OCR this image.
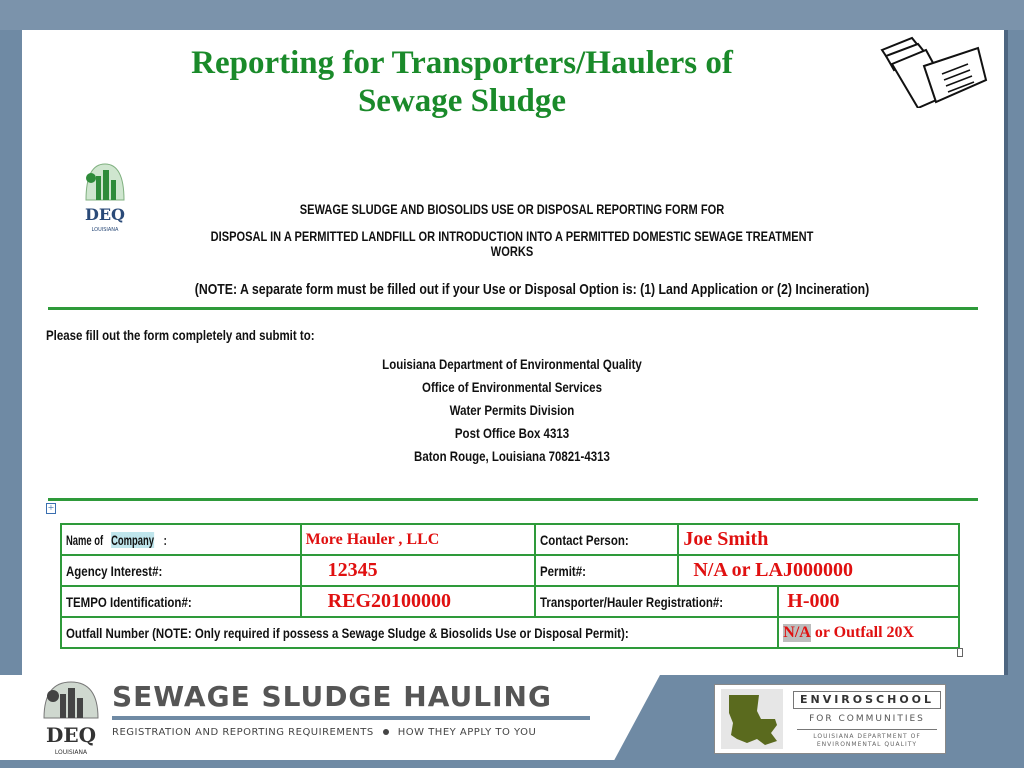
Reporting for Transporters/Haulers of
Sewage Sludge
DEQ
LOUISIANA
SEWAGE SLUDGE AND BIOSOLIDS USE OR DISPOSAL REPORTING FORM FOR
DISPOSAL IN A PERMITTED LANDFILL OR INTRODUCTION INTO A PERMITTED DOMESTIC SEWAGE TREATMENT WORKS
(NOTE: A separate form must be filled out if your Use or Disposal Option is: (1) Land Application or (2) Incineration)
Please fill out the form completely and submit to:
Louisiana Department of Environmental Quality
Office of Environmental Services
Water Permits Division
Post Office Box 4313
Baton Rouge, Louisiana 70821-4313
+
Name ofCompany :	More Hauler , LLC	Contact Person:	Joe Smith	
Agency Interest#:	12345	Permit#:	N/A or LAJ000000	
TEMPO Identification#:	REG20100000	Transporter/Hauler Registration#:		H-000
Outfall Number (NOTE: Only required if possess a Sewage Sludge & Biosolids Use or Disposal Permit):				N/A or Outfall 20X
DEQ
LOUISIANA
SEWAGE SLUDGE HAULING
REGISTRATION AND REPORTING REQUIREMENTS HOW THEY APPLY TO YOU
ENVIROSCHOOL
FOR COMMUNITIES
LOUISIANA DEPARTMENT OF
ENVIRONMENTAL QUALITY
